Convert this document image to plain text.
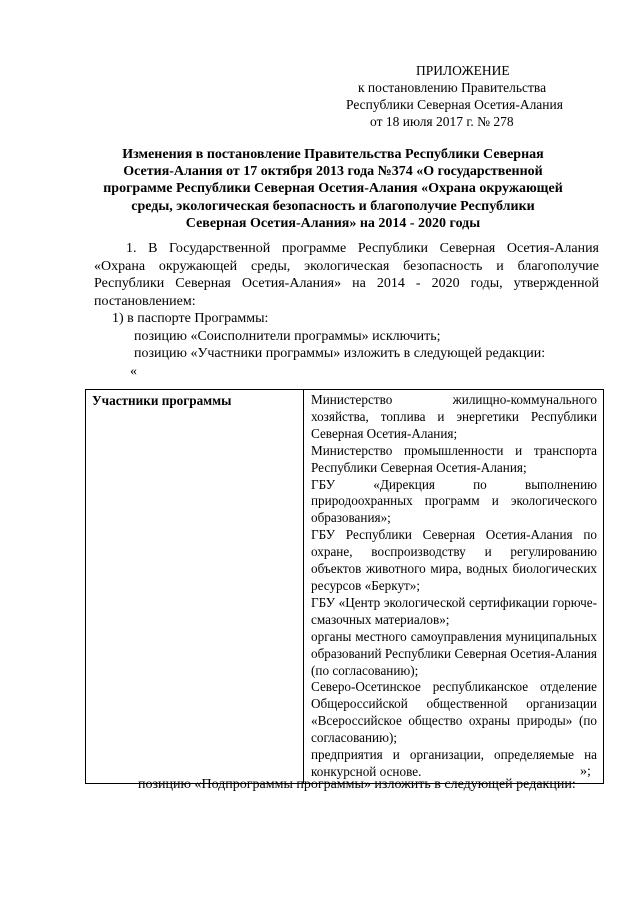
ПРИЛОЖЕНИЕ
к постановлению Правительства
Республики Северная Осетия-Алания
от 18 июля 2017 г. № 278
Изменения в постановление Правительства Республики Северная
Осетия-Алания от 17 октября 2013 года №374 «О государственной
программе Республики Северная Осетия-Алания «Охрана окружающей
среды, экологическая безопасность и благополучие Республики
Северная Осетия-Алания» на 2014 - 2020 годы

1. В Государственной программе Республики Северная Осетия-Алания «Охрана окружающей среды, экологическая безопасность и благополучие Республики Северная Осетия-Алания» на 2014 - 2020 годы, утвержденной постановлением:

1) в паспорте Программы:

позицию «Соисполнители программы» исключить;

позицию «Участники программы» изложить в следующей редакции:

«

Участники программы	Министерство жилищно-коммунального хозяйства, топлива и энергетики Республики Северная Осетия-Алания;
Министерство промышленности и транспорта Республики Северная Осетия-Алания;
ГБУ «Дирекция по выполнению природоохранных программ и экологического образования»;
ГБУ Республики Северная Осетия-Алания по охране, воспроизводству и регулированию объектов животного мира, водных биологических ресурсов «Беркут»;
ГБУ «Центр экологической сертификации горюче-смазочных материалов»;
органы местного самоуправления муниципальных образований Республики Северная Осетия-Алания (по согласованию);
Северо-Осетинское республиканское отделение Общероссийской общественной организации «Всероссийское общество охраны природы» (по согласованию);
предприятия и организации, определяемые на конкурсной основе.	»;
позицию «Подпрограммы программы» изложить в следующей редакции:
